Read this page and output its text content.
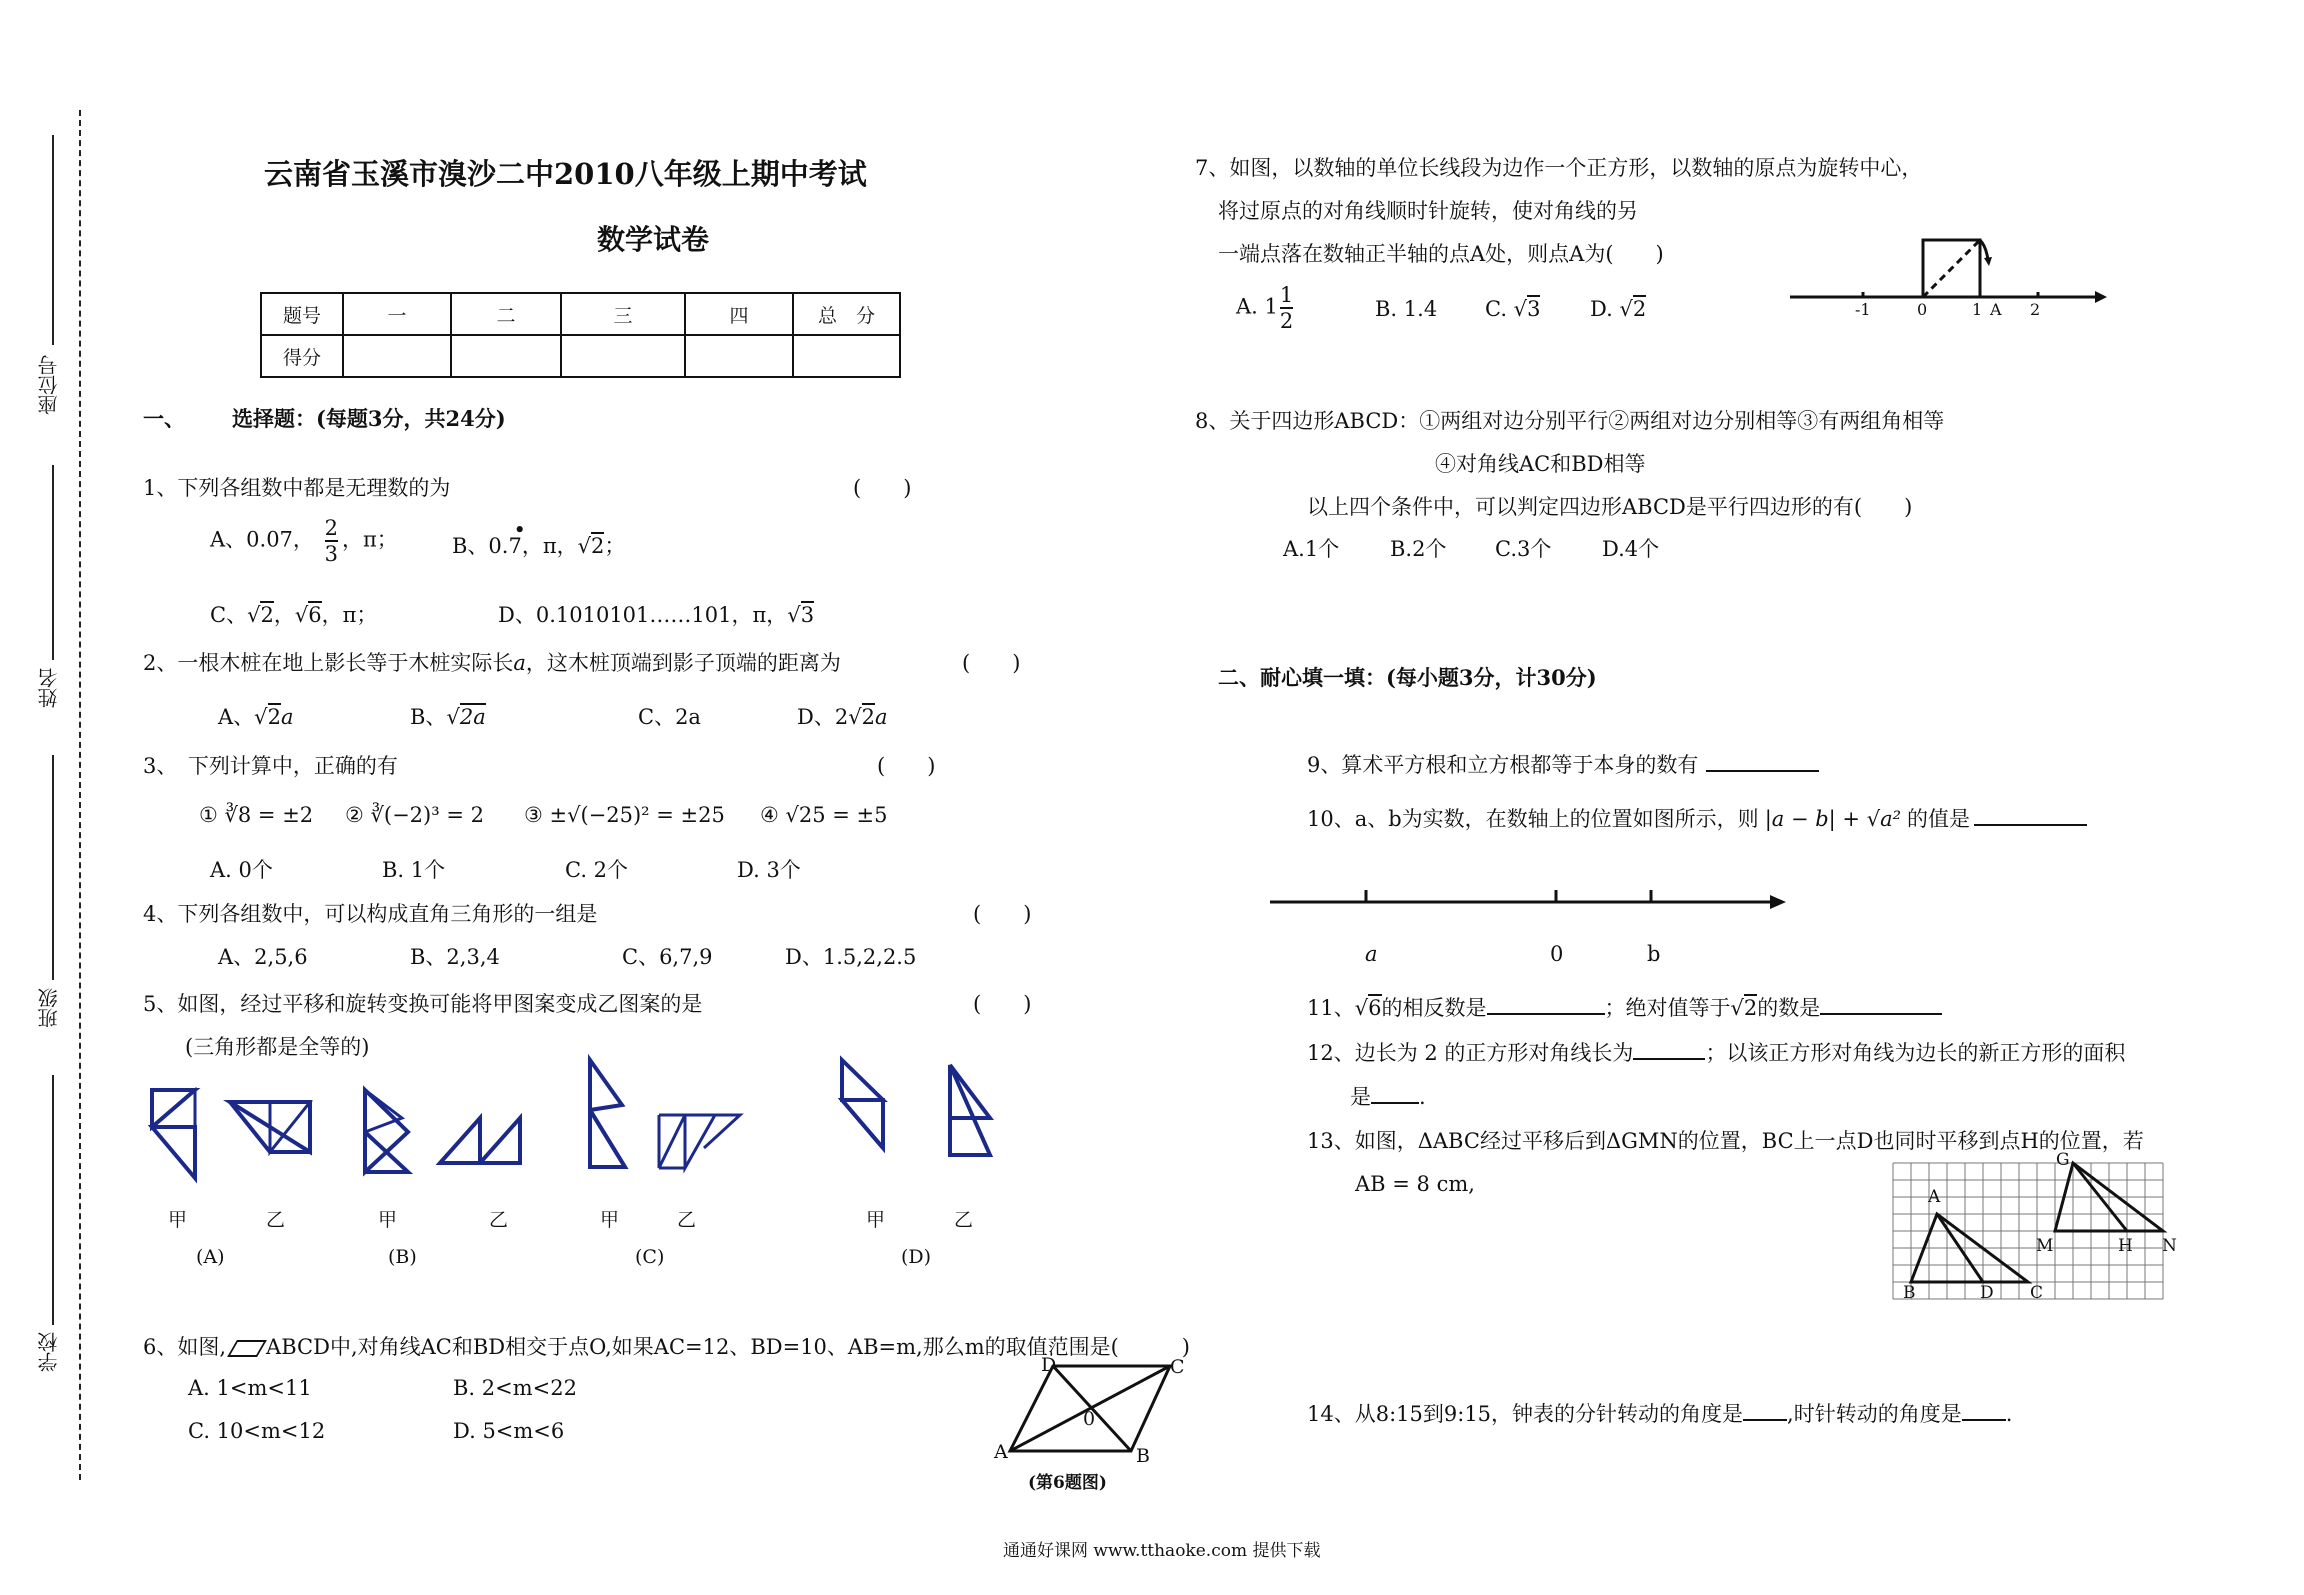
座位号
姓名
班级
学校
云南省玉溪市溴沙二中2010八年级上期中考试
数学试卷
题号	一	二	三	四	总　分
得分					
一、 选择题：(每题3分，共24分)
1、下列各组数中都是无理数的为	(　　)
A、0.07， $\frac{2}{3}$ ，π；	B、0.
•
7，π，√2；
C、√2，√6，π；	D、0.1010101……101，π，√3
2、一根木桩在地上影长等于木桩实际长a，这木桩顶端到影子顶端的距离为	(　　)
A、√2a	B、√2a	C、2a	D、2√2a
3、　下列计算中，正确的有	(　　)
① ∛8 = ±2 ② ∛(−2)³ = 2 ③ ±√(−25)² = ±25 ④ √25 = ±5
A. 0个	B. 1个	C. 2个	D. 3个
4、下列各组数中，可以构成直角三角形的一组是	(　　)
A、2,5,6	B、2,3,4	C、6,7,9	D、1.5,2,2.5
5、如图，经过平移和旋转变换可能将甲图案变成乙图案的是	(　　)
(三角形都是全等的)
甲	乙	甲	乙	甲	乙	甲	乙
(A)	(B)	(C)	(D)
6、如图, ABCD中,对角线AC和BD相交于点O,如果AC=12、BD=10、AB=m,那么m的取值范围是(　　　)
A. 1<m<11	B. 2<m<22
C. 10<m<12	D. 5<m<6
D	C
0
A	B
(第6题图)
7、如图，以数轴的单位长线段为边作一个正方形，以数轴的原点为旋转中心，
将过原点的对角线顺时针旋转，使对角线的另
一端点落在数轴正半轴的点A处，则点A为(　　)
A. $1 \frac{1}{2}$	B. 1.4 C. √3 D. √2	-1	0	1 A 2
8、关于四边形ABCD：①两组对边分别平行②两组对边分别相等③有两组角相等
④对角线AC和BD相等
以上四个条件中，可以判定四边形ABCD是平行四边形的有(　　)
A.1个 B.2个 C.3个 D.4个
二、耐心填一填：(每小题3分，计30分)
9、算术平方根和立方根都等于本身的数有
10、a、b为实数，在数轴上的位置如图所示，则 |a − b| + √a² 的值是
a	0	b
11、√6的相反数是	；绝对值等于√2的数是
12、边长为 2 的正方形对角线长为	；以该正方形对角线为边长的新正方形的面积
是 .
13、如图，ΔABC经过平移后到ΔGMN的位置，BC上一点D也同时平移到点H的位置，若
AB = 8 cm,
A
B	D C
G
M	H N
14、从8:15到9:15，钟表的分针转动的角度是 ,时针转动的角度是 .
通通好课网 www.tthaoke.com 提供下载
